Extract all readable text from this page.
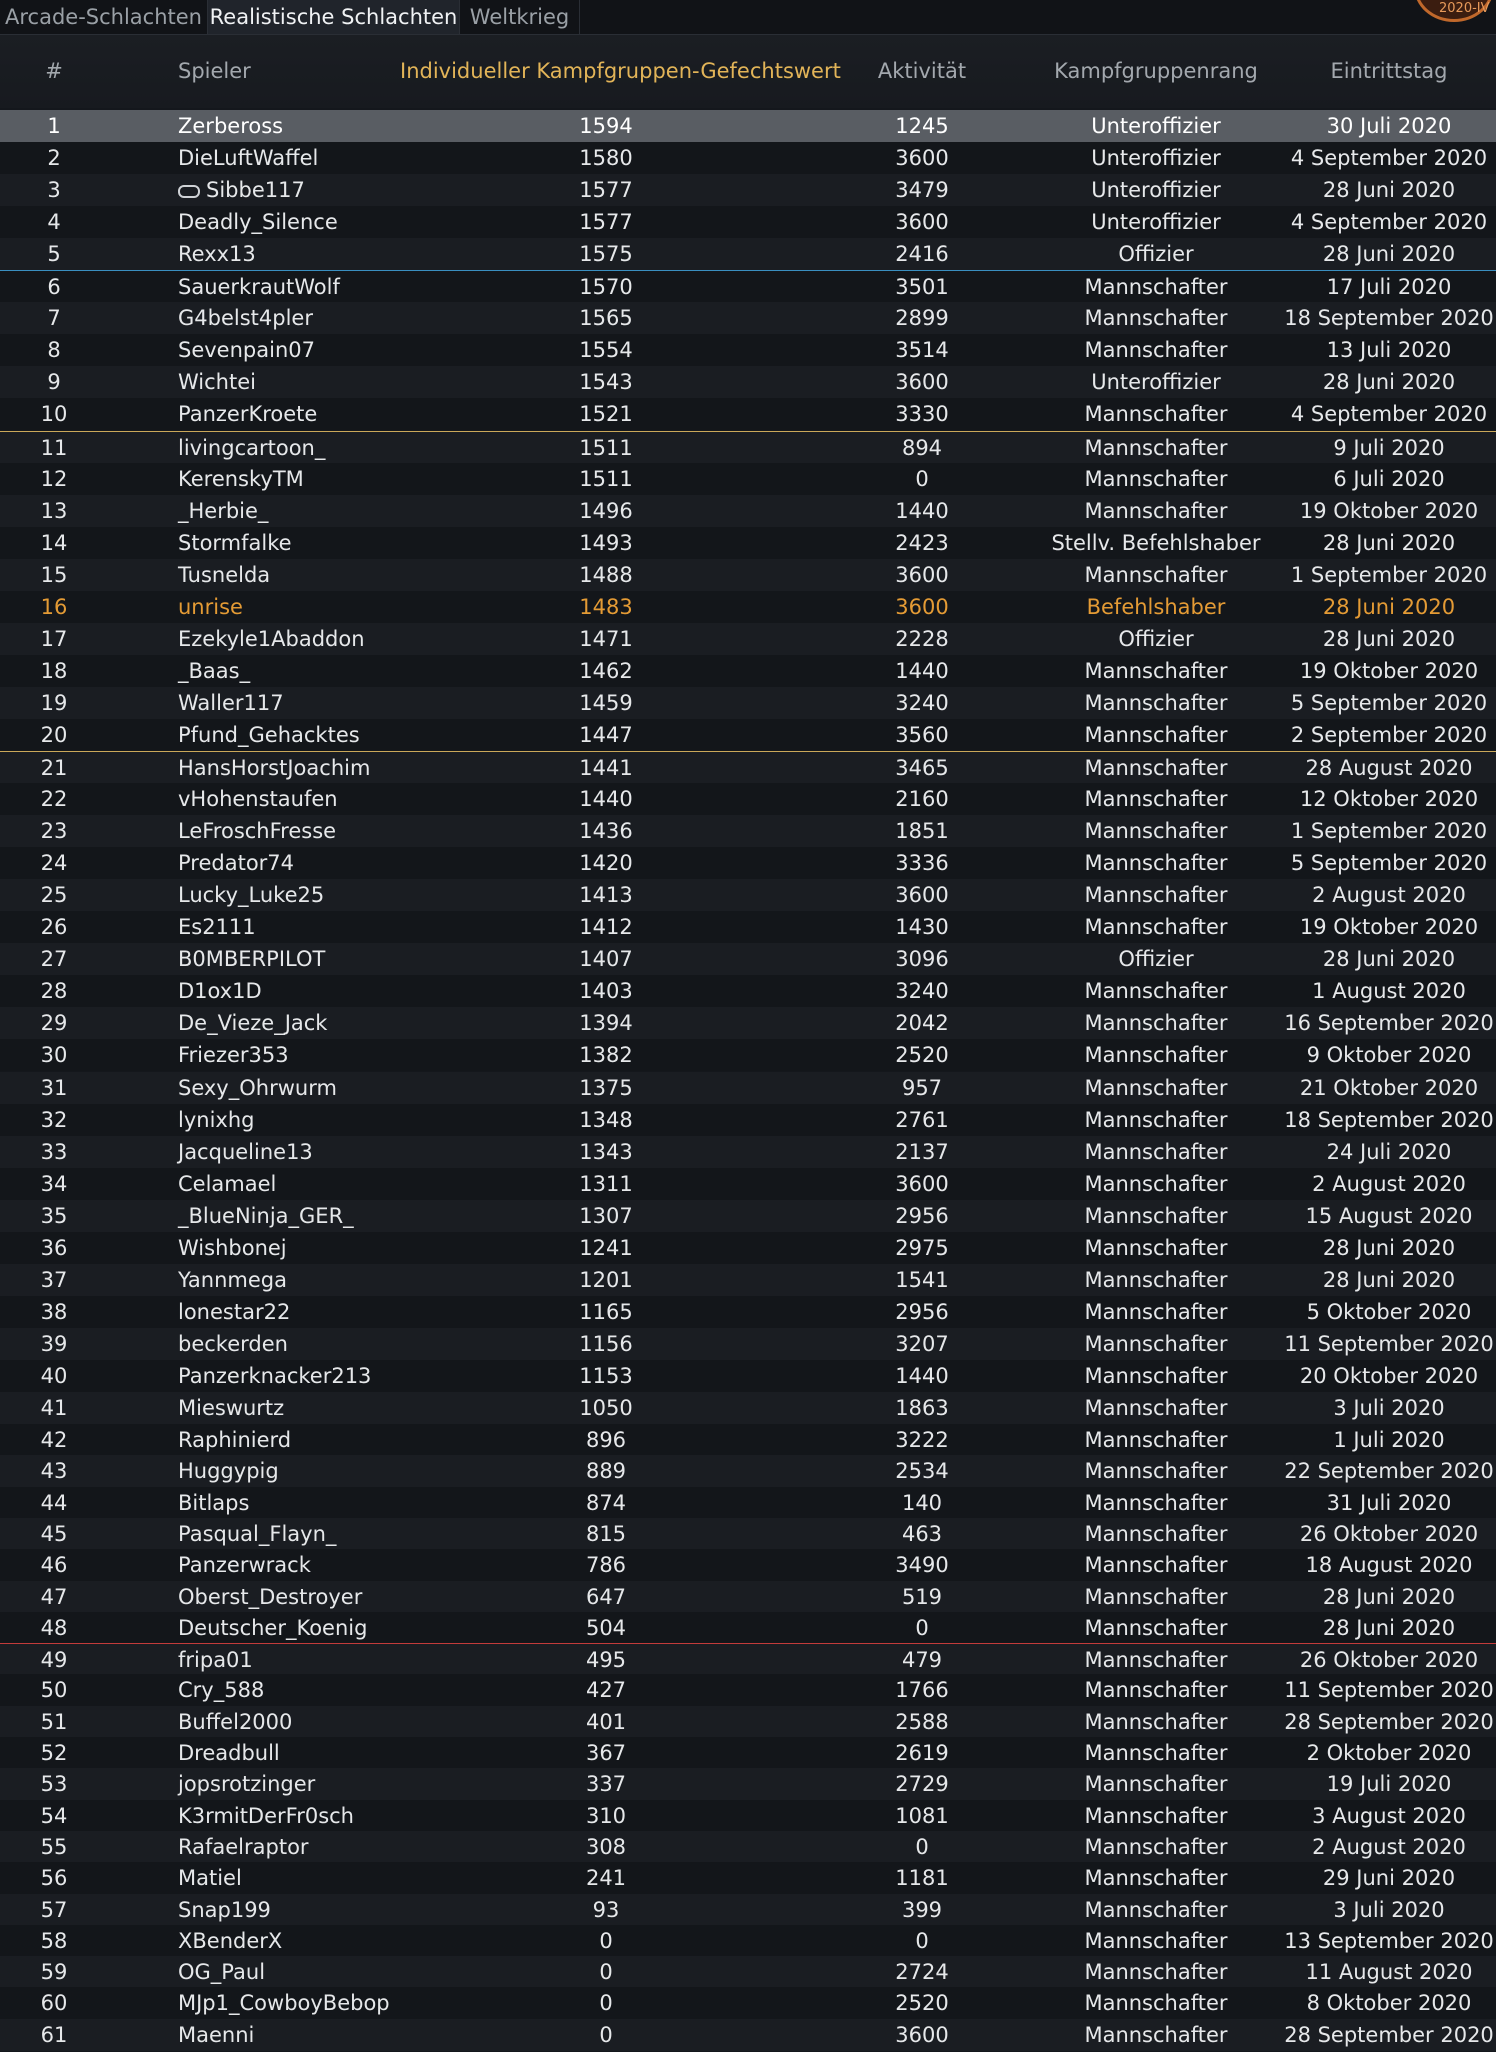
Arcade-Schlachten Realistische Schlachten Weltkrieg	2020-IV
#	Spieler	Individueller Kampfgruppen-Gefechtswert	Aktivität	Kampfgruppenrang	Eintrittstag
1	Zerbeross	1594	1245	Unteroffizier	30 Juli 2020
2	DieLuftWaffel	1580	3600	Unteroffizier	4 September 2020
3	Sibbe117	1577	3479	Unteroffizier	28 Juni 2020
4	Deadly_Silence	1577	3600	Unteroffizier	4 September 2020
5	Rexx13	1575	2416	Offizier	28 Juni 2020
6	SauerkrautWolf	1570	3501	Mannschafter	17 Juli 2020
7	G4belst4pler	1565	2899	Mannschafter	18 September 2020
8	Sevenpain07	1554	3514	Mannschafter	13 Juli 2020
9	Wichtei	1543	3600	Unteroffizier	28 Juni 2020
10	PanzerKroete	1521	3330	Mannschafter	4 September 2020
11	livingcartoon_	1511	894	Mannschafter	9 Juli 2020
12	KerenskyTM	1511	0	Mannschafter	6 Juli 2020
13	_Herbie_	1496	1440	Mannschafter	19 Oktober 2020
14	Stormfalke	1493	2423	Stellv. Befehlshaber	28 Juni 2020
15	Tusnelda	1488	3600	Mannschafter	1 September 2020
16	unrise	1483	3600	Befehlshaber	28 Juni 2020
17	Ezekyle1Abaddon	1471	2228	Offizier	28 Juni 2020
18	_Baas_	1462	1440	Mannschafter	19 Oktober 2020
19	Waller117	1459	3240	Mannschafter	5 September 2020
20	Pfund_Gehacktes	1447	3560	Mannschafter	2 September 2020
21	HansHorstJoachim	1441	3465	Mannschafter	28 August 2020
22	vHohenstaufen	1440	2160	Mannschafter	12 Oktober 2020
23	LeFroschFresse	1436	1851	Mannschafter	1 September 2020
24	Predator74	1420	3336	Mannschafter	5 September 2020
25	Lucky_Luke25	1413	3600	Mannschafter	2 August 2020
26	Es2111	1412	1430	Mannschafter	19 Oktober 2020
27	B0MBERPILOT	1407	3096	Offizier	28 Juni 2020
28	D1ox1D	1403	3240	Mannschafter	1 August 2020
29	De_Vieze_Jack	1394	2042	Mannschafter	16 September 2020
30	Friezer353	1382	2520	Mannschafter	9 Oktober 2020
31	Sexy_Ohrwurm	1375	957	Mannschafter	21 Oktober 2020
32	lynixhg	1348	2761	Mannschafter	18 September 2020
33	Jacqueline13	1343	2137	Mannschafter	24 Juli 2020
34	Celamael	1311	3600	Mannschafter	2 August 2020
35	_BlueNinja_GER_	1307	2956	Mannschafter	15 August 2020
36	Wishbonej	1241	2975	Mannschafter	28 Juni 2020
37	Yannmega	1201	1541	Mannschafter	28 Juni 2020
38	lonestar22	1165	2956	Mannschafter	5 Oktober 2020
39	beckerden	1156	3207	Mannschafter	11 September 2020
40	Panzerknacker213	1153	1440	Mannschafter	20 Oktober 2020
41	Mieswurtz	1050	1863	Mannschafter	3 Juli 2020
42	Raphinierd	896	3222	Mannschafter	1 Juli 2020
43	Huggypig	889	2534	Mannschafter	22 September 2020
44	Bitlaps	874	140	Mannschafter	31 Juli 2020
45	Pasqual_Flayn_	815	463	Mannschafter	26 Oktober 2020
46	Panzerwrack	786	3490	Mannschafter	18 August 2020
47	Oberst_Destroyer	647	519	Mannschafter	28 Juni 2020
48	Deutscher_Koenig	504	0	Mannschafter	28 Juni 2020
49	fripa01	495	479	Mannschafter	26 Oktober 2020
50	Cry_588	427	1766	Mannschafter	11 September 2020
51	Buffel2000	401	2588	Mannschafter	28 September 2020
52	Dreadbull	367	2619	Mannschafter	2 Oktober 2020
53	jopsrotzinger	337	2729	Mannschafter	19 Juli 2020
54	K3rmitDerFr0sch	310	1081	Mannschafter	3 August 2020
55	Rafaelraptor	308	0	Mannschafter	2 August 2020
56	Matiel	241	1181	Mannschafter	29 Juni 2020
57	Snap199	93	399	Mannschafter	3 Juli 2020
58	XBenderX	0	0	Mannschafter	13 September 2020
59	OG_Paul	0	2724	Mannschafter	11 August 2020
60	MJp1_CowboyBebop	0	2520	Mannschafter	8 Oktober 2020
61	Maenni	0	3600	Mannschafter	28 September 2020
